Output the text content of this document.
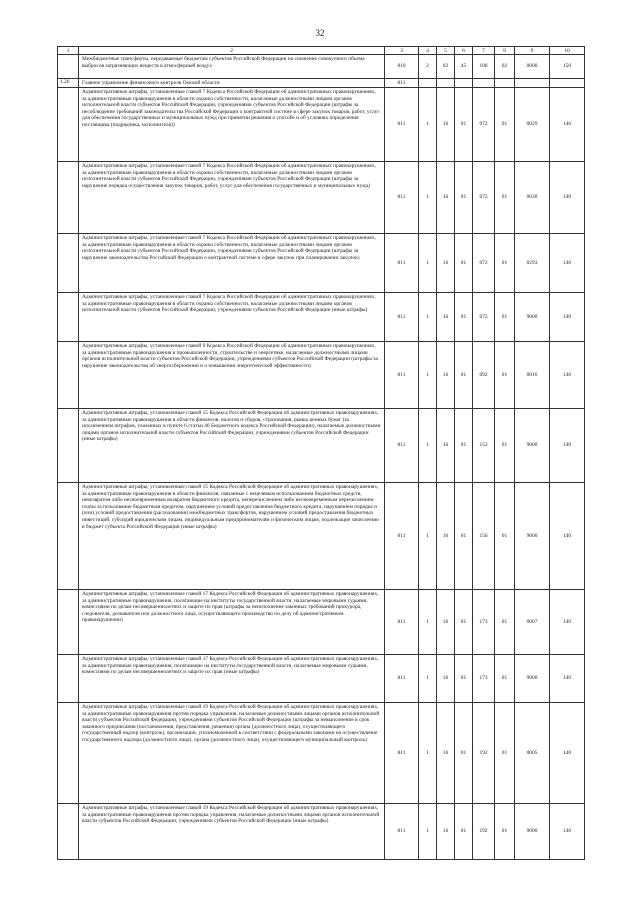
32
1	2	3	4	5	6	7	8	9	10
	Межбюджетные трансферты, передаваемые бюджетам субъектов Российской Федерации на снижение совокупного объема выбросов загрязняющих веществ в атмосферный воздух	810	2	02	45	108	02	0000	150
1.26	Главное управление финансового контроля Омской области	811							
	Административные штрафы, установленные главой 7 Кодекса Российской Федерации об административных правонарушениях, за административные правонарушения в области охраны собственности, налагаемые должностными лицами органов исполнительной власти субъектов Российской Федерации, учреждениями субъектов Российской Федерации (штрафы за несоблюдение требований законодательства Российской Федерации о контрактной системе в сфере закупок товаров, работ, услуг для обеспечения государственных и муниципальных нужд при принятии решения о способе и об условиях определения поставщика (подрядчика, исполнителя))	811	1	16	01	072	01	0029	140
	Административные штрафы, установленные главой 7 Кодекса Российской Федерации об административных правонарушениях, за административные правонарушения в области охраны собственности, налагаемые должностными лицами органов исполнительной власти субъектов Российской Федерации, учреждениями субъектов Российской Федерации (штрафы за нарушение порядка осуществления закупок товаров, работ, услуг для обеспечения государственных и муниципальных нужд)	811	1	16	01	072	01	0030	140
	Административные штрафы, установленные главой 7 Кодекса Российской Федерации об административных правонарушениях, за административные правонарушения в области охраны собственности, налагаемые должностными лицами органов исполнительной власти субъектов Российской Федерации, учреждениями субъектов Российской Федерации (штрафы за нарушение законодательства Российской Федерации о контрактной системе в сфере закупок при планировании закупок)	811	1	16	01	072	01	0293	140
	Административные штрафы, установленные главой 7 Кодекса Российской Федерации об административных правонарушениях, за административные правонарушения в области охраны собственности, налагаемые должностными лицами органов исполнительной власти субъектов Российской Федерации, учреждениями субъектов Российской Федерации (иные штрафы)	811	1	16	01	072	01	9000	140
	Административные штрафы, установленные главой 9 Кодекса Российской Федерации об административных правонарушениях, за административные правонарушения в промышленности, строительстве и энергетике, налагаемые должностными лицами органов исполнительной власти субъектов Российской Федерации, учреждениями субъектов Российской Федерации (штрафы за нарушение законодательства об энергосбережении и о повышении энергетической эффективности)	811	1	16	01	092	01	0016	140
	Административные штрафы, установленные главой 15 Кодекса Российской Федерации об административных правонарушениях, за административные правонарушения в области финансов, налогов и сборов, страхования, рынка ценных бумаг (за исключением штрафов, указанных в пункте 6 статьи 46 Бюджетного кодекса Российской Федерации), налагаемые должностными лицами органов исполнительной власти субъектов Российской Федерации, учреждениями субъектов Российской Федерации (иные штрафы)	811	1	16	01	152	01	9000	140
	Административные штрафы, установленные главой 15 Кодекса Российской Федерации об административных правонарушениях, за административные правонарушения в области финансов, связанные с нецелевым использованием бюджетных средств, невозвратом либо несвоевременным возвратом бюджетного кредита, неперечислением либо несвоевременным перечислением платы за пользование бюджетным кредитом, нарушением условий предоставления бюджетного кредита, нарушением порядка и (или) условий предоставления (расходования) межбюджетных трансфертов, нарушением условий предоставления бюджетных инвестиций, субсидий юридическим лицам, индивидуальным предпринимателям и физическим лицам, подлежащие зачислению в бюджет субъекта Российской Федерации (иные штрафы)	811	1	16	01	156	01	9000	140
	Административные штрафы, установленные главой 17 Кодекса Российской Федерации об административных правонарушениях, за административные правонарушения, посягающие на институты государственной власти, налагаемые мировыми судьями, комиссиями по делам несовершеннолетних и защите их прав (штрафы за неисполнение законных требований прокурора, следователя, дознавателя или должностного лица, осуществляющего производство по делу об административном правонарушении)	811	1	16	01	173	01	0007	140
	Административные штрафы, установленные главой 17 Кодекса Российской Федерации об административных правонарушениях, за административные правонарушения, посягающие на институты государственной власти, налагаемые мировыми судьями, комиссиями по делам несовершеннолетних и защите их прав (иные штрафы)	811	1	16	01	173	01	9000	140
	Административные штрафы, установленные главой 19 Кодекса Российской Федерации об административных правонарушениях, за административные правонарушения против порядка управления, налагаемые должностными лицами органов исполнительной власти субъектов Российской Федерации, учреждениями субъектов Российской Федерации (штрафы за невыполнение в срок законного предписания (постановления, представления, решения) органа (должностного лица), осуществляющего государственный надзор (контроль), организации, уполномоченной в соответствии с федеральными законами на осуществление государственного надзора (должностного лица), органа (должностного лица), осуществляющего муниципальный контроль)	811	1	16	01	192	01	0005	140
	Административные штрафы, установленные главой 19 Кодекса Российской Федерации об административных правонарушениях, за административные правонарушения против порядка управления, налагаемые должностными лицами органов исполнительной власти субъектов Российской Федерации, учреждениями субъектов Российской Федерации (иные штрафы)	811	1	16	01	192	01	9000	140
